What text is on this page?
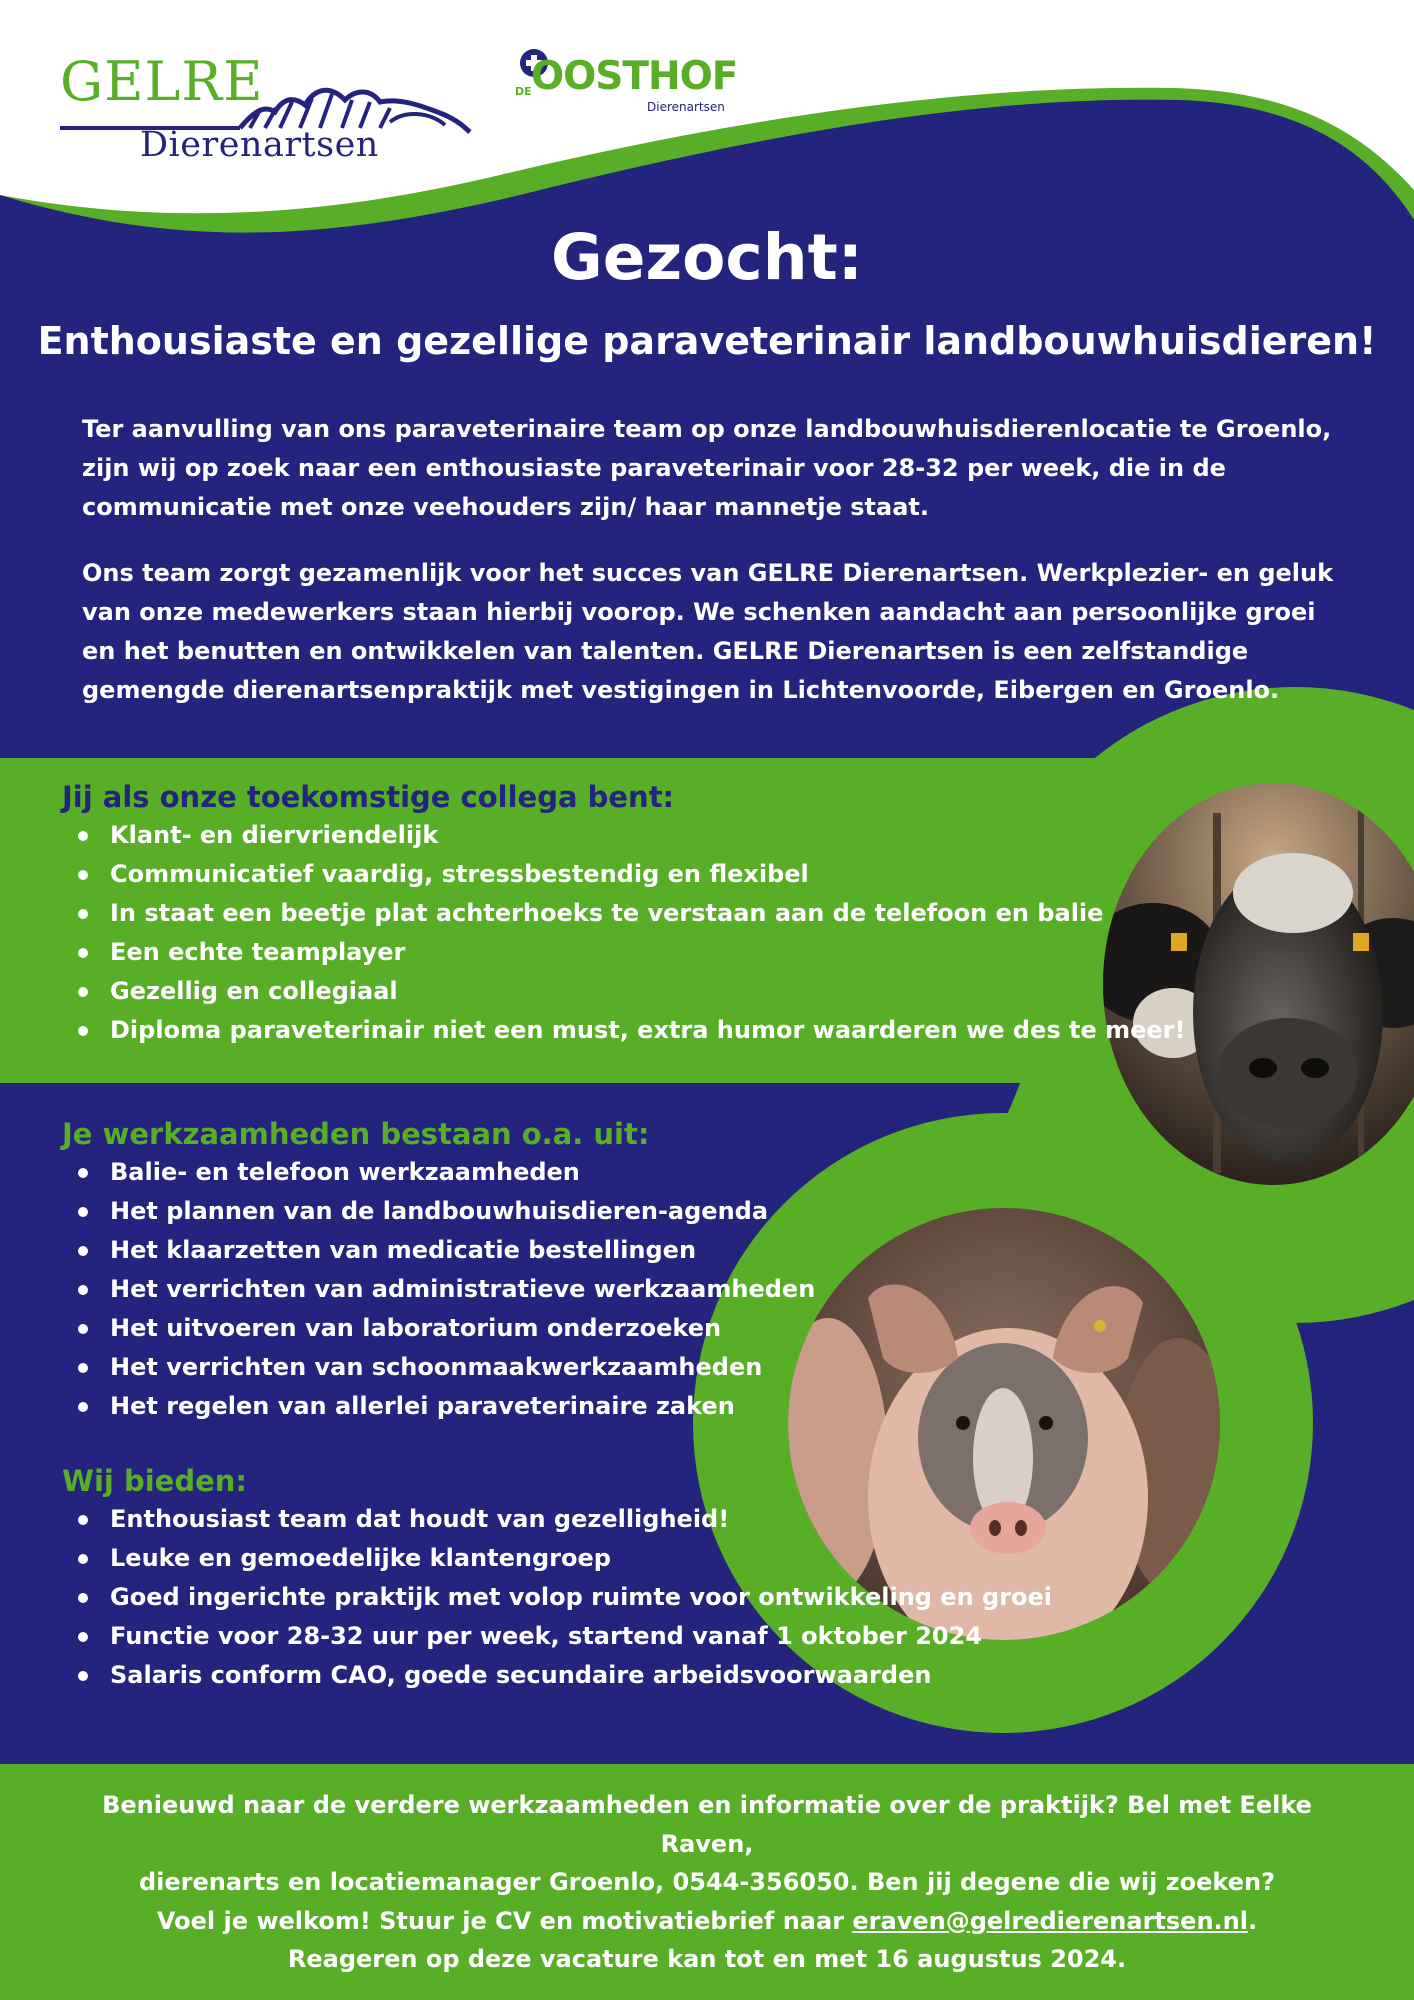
GELRE
Dierenartsen
DE OOSTHOF
Dierenartsen
Gezocht:
Enthousiaste en gezellige paraveterinair landbouwhuisdieren!

Ter aanvulling van ons paraveterinaire team op onze landbouwhuisdierenlocatie te Groenlo, zijn wij op zoek naar een enthousiaste paraveterinair voor 28-32 per week, die in de communicatie met onze veehouders zijn/ haar mannetje staat.

Ons team zorgt gezamenlijk voor het succes van GELRE Dierenartsen. Werkplezier- en geluk van onze medewerkers staan hierbij voorop. We schenken aandacht aan persoonlijke groei en het benutten en ontwikkelen van talenten. GELRE Dierenartsen is een zelfstandige gemengde dierenartsenpraktijk met vestigingen in Lichtenvoorde, Eibergen en Groenlo.

Jij als onze toekomstige collega bent:
Klant- en diervriendelijk
Communicatief vaardig, stressbestendig en flexibel
In staat een beetje plat achterhoeks te verstaan aan de telefoon en balie
Een echte teamplayer
Gezellig en collegiaal
Diploma paraveterinair niet een must, extra humor waarderen we des te meer!
Je werkzaamheden bestaan o.a. uit:
Balie- en telefoon werkzaamheden
Het plannen van de landbouwhuisdieren-agenda
Het klaarzetten van medicatie bestellingen
Het verrichten van administratieve werkzaamheden
Het uitvoeren van laboratorium onderzoeken
Het verrichten van schoonmaakwerkzaamheden
Het regelen van allerlei paraveterinaire zaken
Wij bieden:
Enthousiast team dat houdt van gezelligheid!
Leuke en gemoedelijke klantengroep
Goed ingerichte praktijk met volop ruimte voor ontwikkeling en groei
Functie voor 28-32 uur per week, startend vanaf 1 oktober 2024
Salaris conform CAO, goede secundaire arbeidsvoorwaarden
Benieuwd naar de verdere werkzaamheden en informatie over de praktijk? Bel met Eelke Raven,
dierenarts en locatiemanager Groenlo, 0544-356050. Ben jij degene die wij zoeken?
Voel je welkom! Stuur je CV en motivatiebrief naar eraven@gelredierenartsen.nl.
Reageren op deze vacature kan tot en met 16 augustus 2024.
